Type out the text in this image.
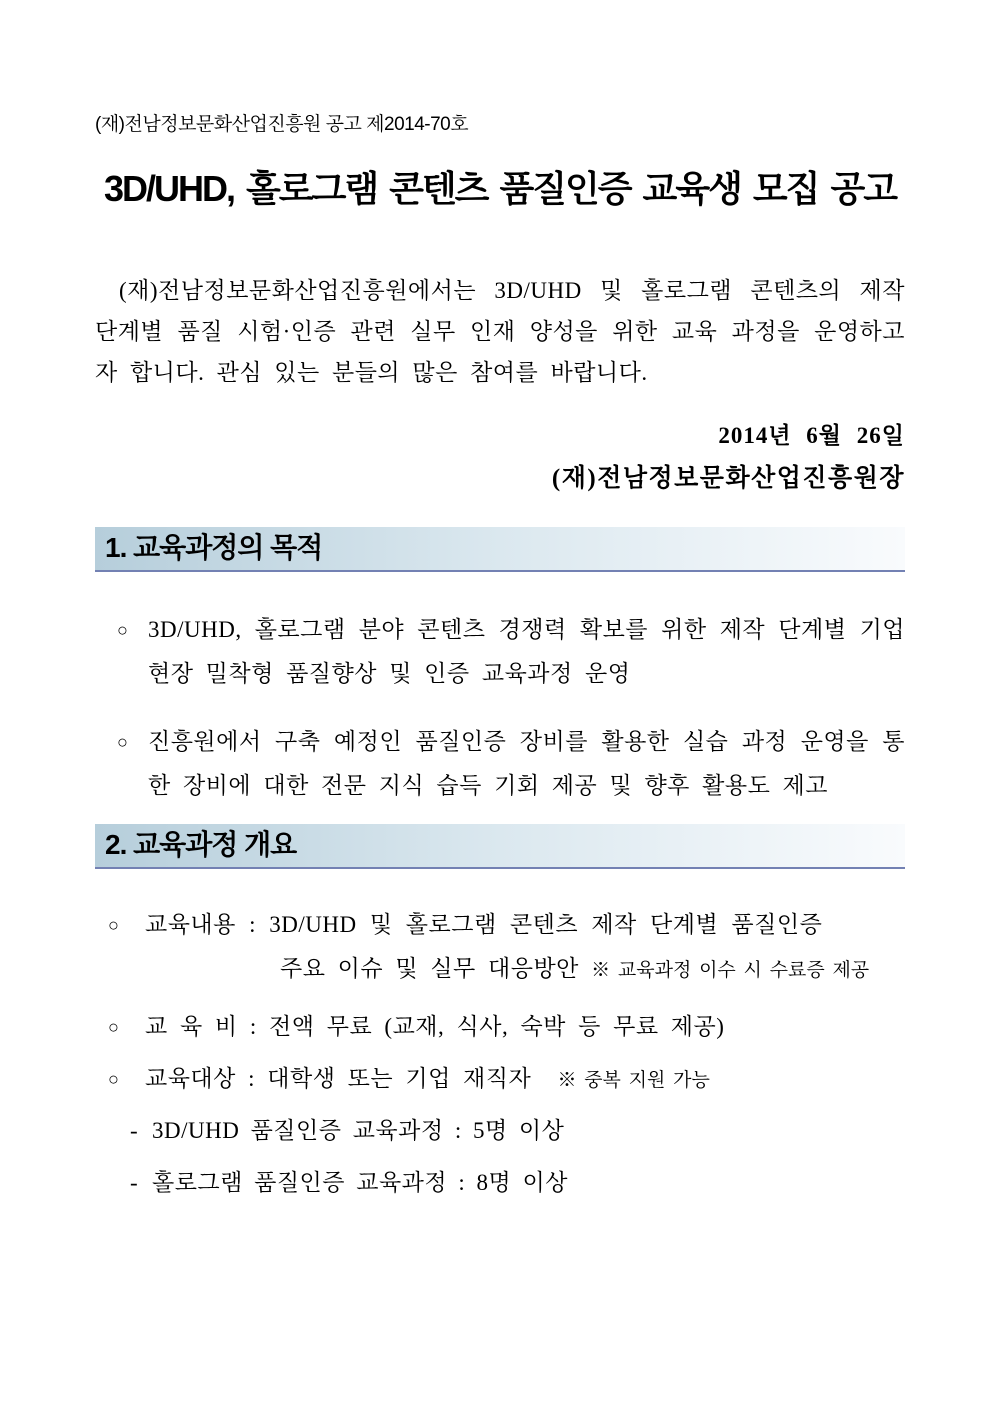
(재)전남정보문화산업진흥원 공고 제2014-70호
3D/UHD, 홀로그램 콘텐츠 품질인증 교육생 모집 공고

(재)전남정보문화산업진흥원에서는 3D/UHD 및 홀로그램 콘텐츠의 제작 단계별 품질 시험·인증 관련 실무 인재 양성을 위한 교육 과정을 운영하고자 합니다. 관심 있는 분들의 많은 참여를 바랍니다.

2014년 6월 26일
(재)전남정보문화산업진흥원장
1. 교육과정의 목적
○ 3D/UHD, 홀로그램 분야 콘텐츠 경쟁력 확보를 위한 제작 단계별 기업 현장 밀착형 품질향상 및 인증 교육과정 운영
○ 진흥원에서 구축 예정인 품질인증 장비를 활용한 실습 과정 운영을 통한 장비에 대한 전문 지식 습득 기회 제공 및 향후 활용도 제고
2. 교육과정 개요
○	교육내용 : 3D/UHD 및 홀로그램 콘텐츠 제작 단계별 품질인증
주요 이슈 및 실무 대응방안 ※ 교육과정 이수 시 수료증 제공
○	교 육 비 : 전액 무료 (교재, 식사, 숙박 등 무료 제공)
○	교육대상 : 대학생 또는 기업 재직자 ※ 중복 지원 가능
- 3D/UHD 품질인증 교육과정 : 5명 이상
- 홀로그램 품질인증 교육과정 : 8명 이상
